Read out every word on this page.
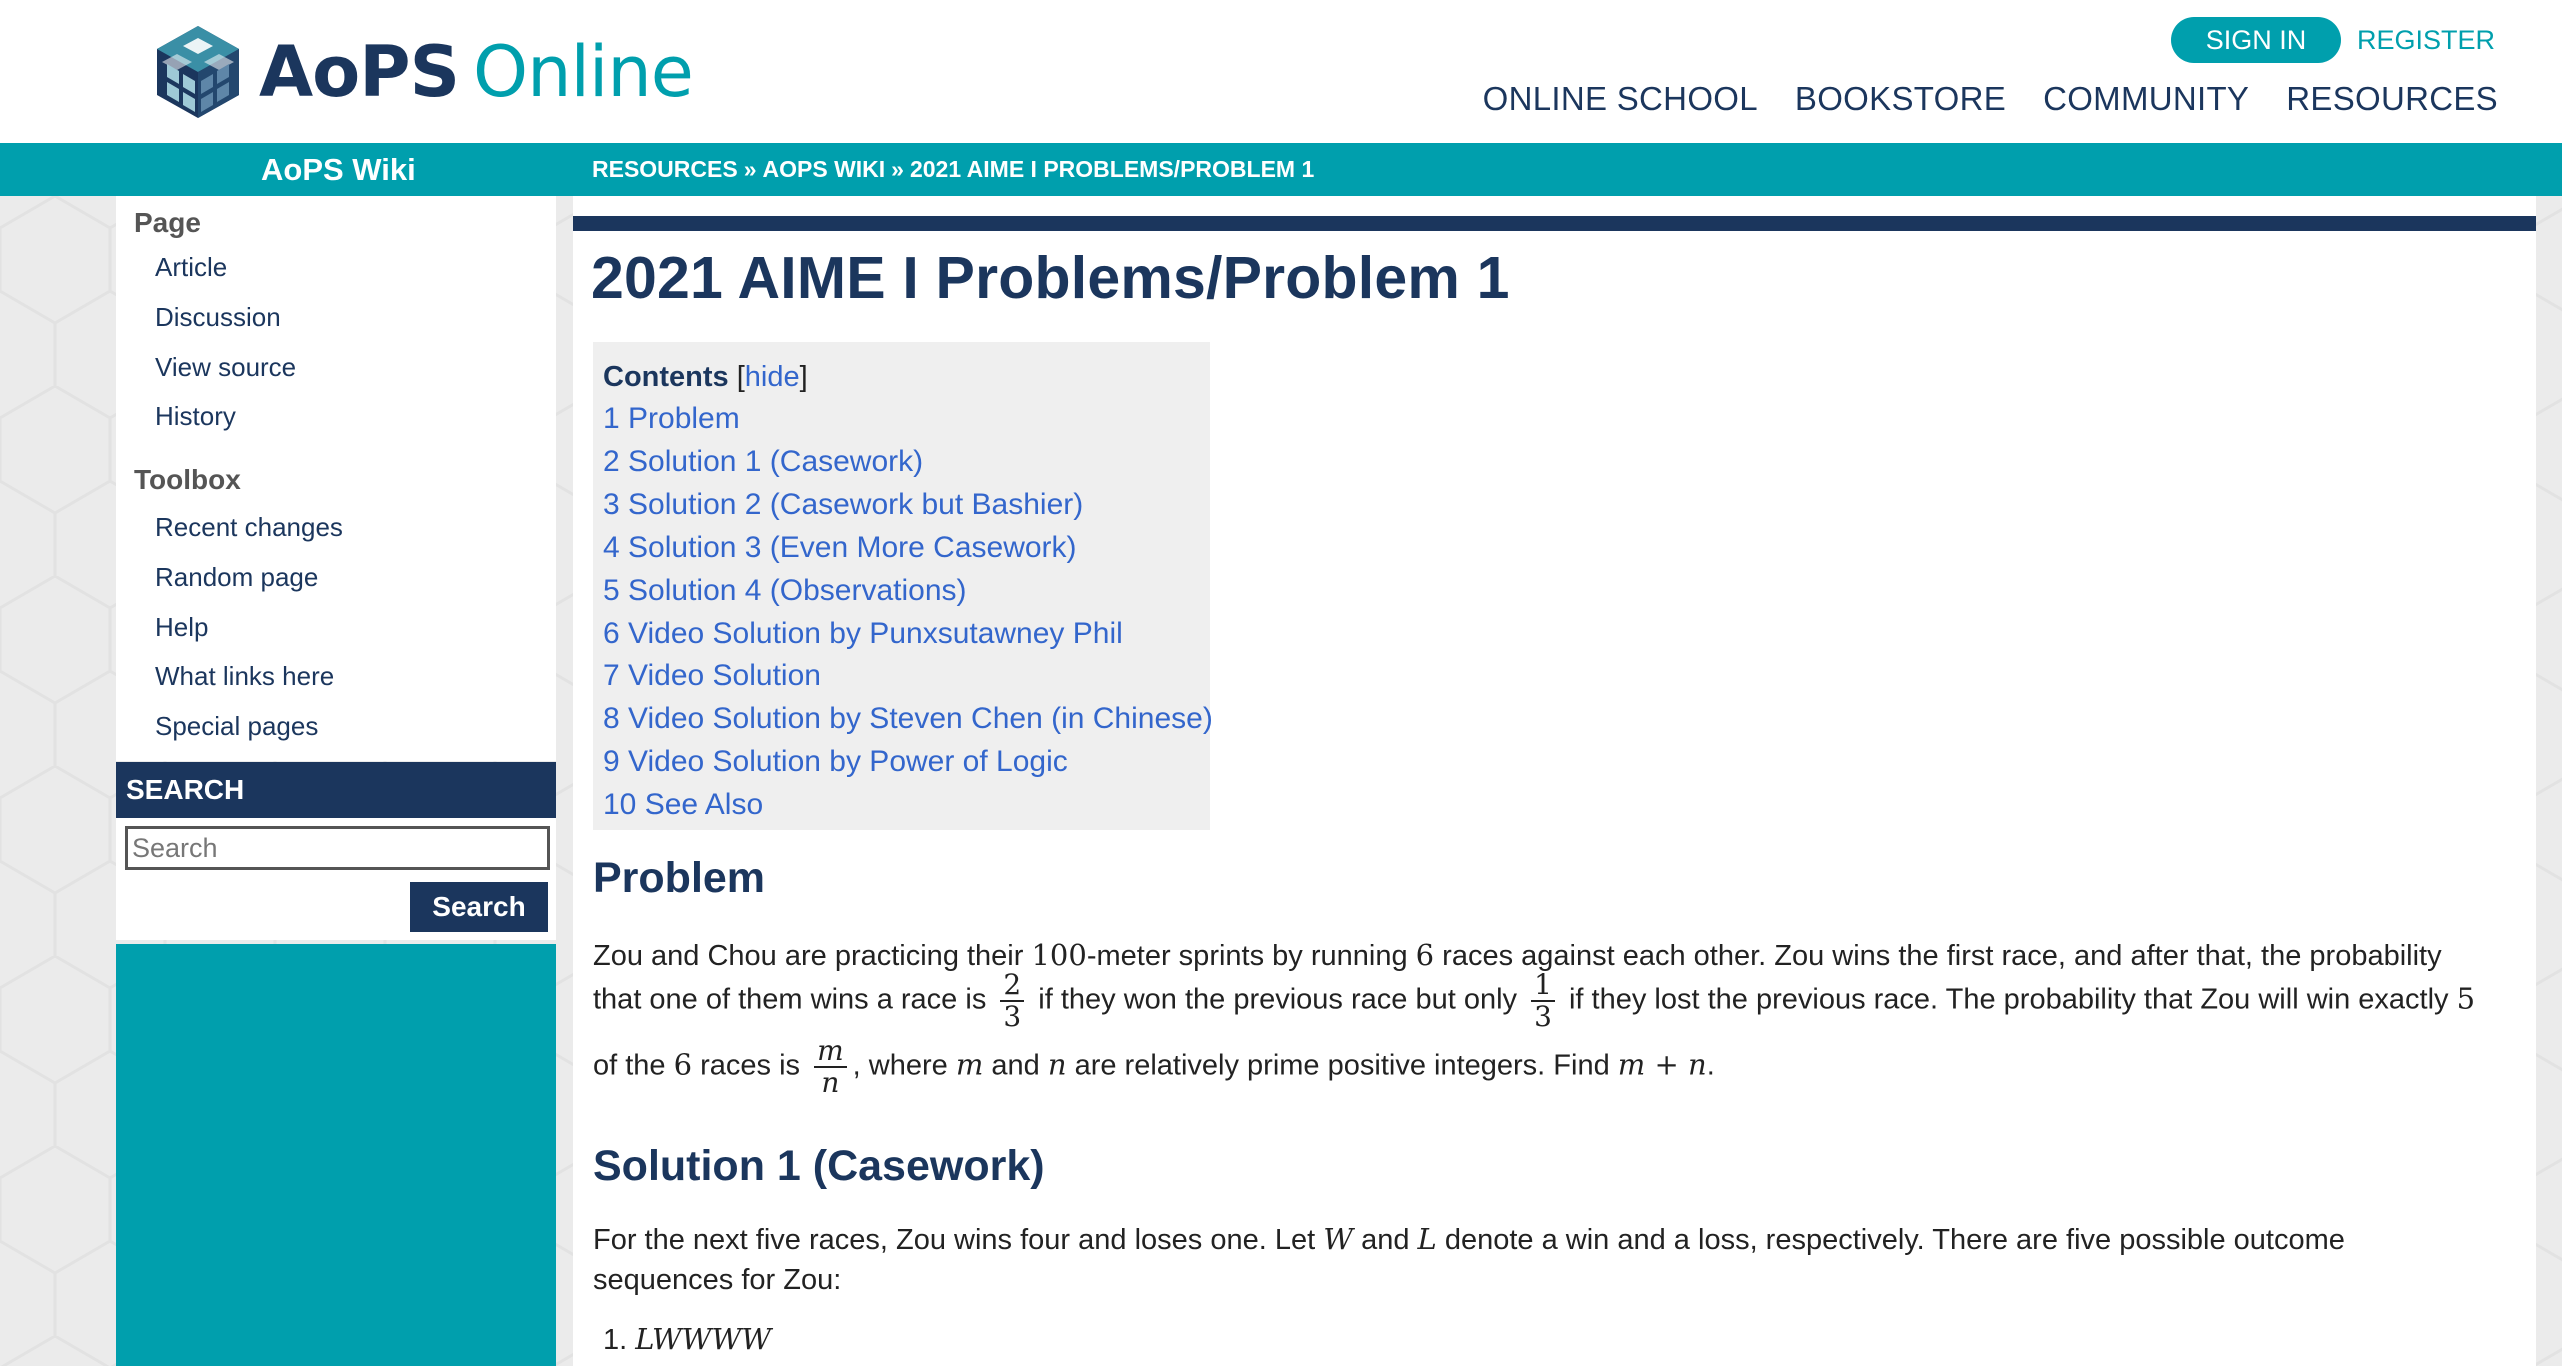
AoPS Online	SIGN IN	REGISTER
ONLINE SCHOOL BOOKSTORE COMMUNITY RESOURCES
AoPS Wiki	RESOURCES » AOPS WIKI » 2021 AIME I PROBLEMS/PROBLEM 1
Page
Article
Discussion
View source
History
Toolbox
Recent changes
Random page
Help
What links here
Special pages
SEARCH
Search
Search
2021 AIME I Problems/Problem 1
Contents [hide]
1 Problem
2 Solution 1 (Casework)
3 Solution 2 (Casework but Bashier)
4 Solution 3 (Even More Casework)
5 Solution 4 (Observations)
6 Video Solution by Punxsutawney Phil
7 Video Solution
8 Video Solution by Steven Chen (in Chinese)
9 Video Solution by Power of Logic
10 See Also
Problem
Zou and Chou are practicing their 100-meter sprints by running 6 races against each other. Zou wins the first race, and after that, the probability
that one of them wins a race is $\frac{2}{3}$ if they won the previous race but only $\frac{1}{3}$ if they lost the previous race. The probability that Zou will win exactly 5
of the 6 races is $\frac{m}{n}$ , where m and n are relatively prime positive integers. Find m + n.
Solution 1 (Casework)
For the next five races, Zou wins four and loses one. Let W and L denote a win and a loss, respectively. There are five possible outcome
sequences for Zou:
1. LWWWW
